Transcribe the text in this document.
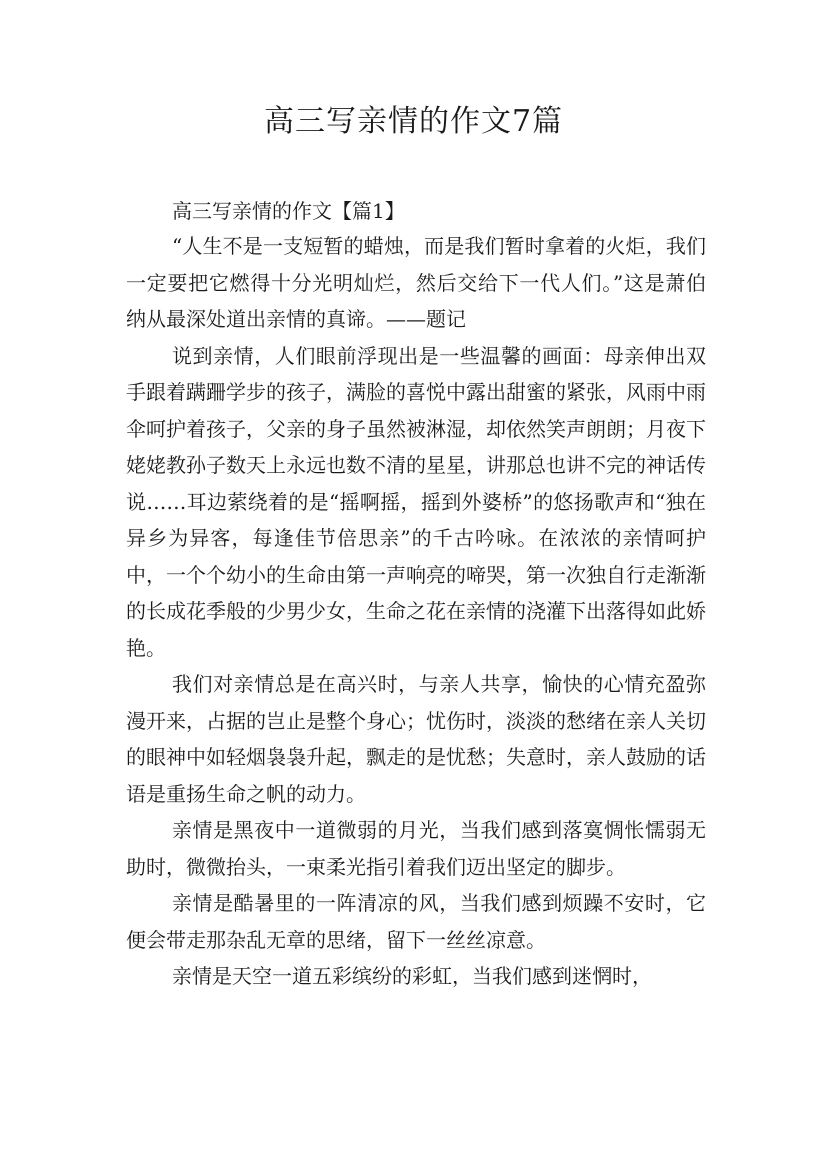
高三写亲情的作文7篇
高三写亲情的作文【篇1】

“人生不是一支短暂的蜡烛，而是我们暂时拿着的火炬，我们一定要把它燃得十分光明灿烂，然后交给下一代人们。”这是萧伯纳从最深处道出亲情的真谛。——题记

说到亲情，人们眼前浮现出是一些温馨的画面：母亲伸出双手跟着蹒跚学步的孩子，满脸的喜悦中露出甜蜜的紧张，风雨中雨伞呵护着孩子，父亲的身子虽然被淋湿，却依然笑声朗朗；月夜下姥姥教孙子数天上永远也数不清的星星，讲那总也讲不完的神话传说……耳边萦绕着的是“摇啊摇，摇到外婆桥”的悠扬歌声和“独在异乡为异客，每逢佳节倍思亲”的千古吟咏。在浓浓的亲情呵护中，一个个幼小的生命由第一声响亮的啼哭，第一次独自行走渐渐的长成花季般的少男少女，生命之花在亲情的浇灌下出落得如此娇艳。

我们对亲情总是在高兴时，与亲人共享，愉快的心情充盈弥漫开来，占据的岂止是整个身心；忧伤时，淡淡的愁绪在亲人关切的眼神中如轻烟袅袅升起，飘走的是忧愁；失意时，亲人鼓励的话语是重扬生命之帆的动力。

亲情是黑夜中一道微弱的月光，当我们感到落寞惆怅懦弱无助时，微微抬头，一束柔光指引着我们迈出坚定的脚步。

亲情是酷暑里的一阵清凉的风，当我们感到烦躁不安时，它便会带走那杂乱无章的思绪，留下一丝丝凉意。

亲情是天空一道五彩缤纷的彩虹，当我们感到迷惘时，
